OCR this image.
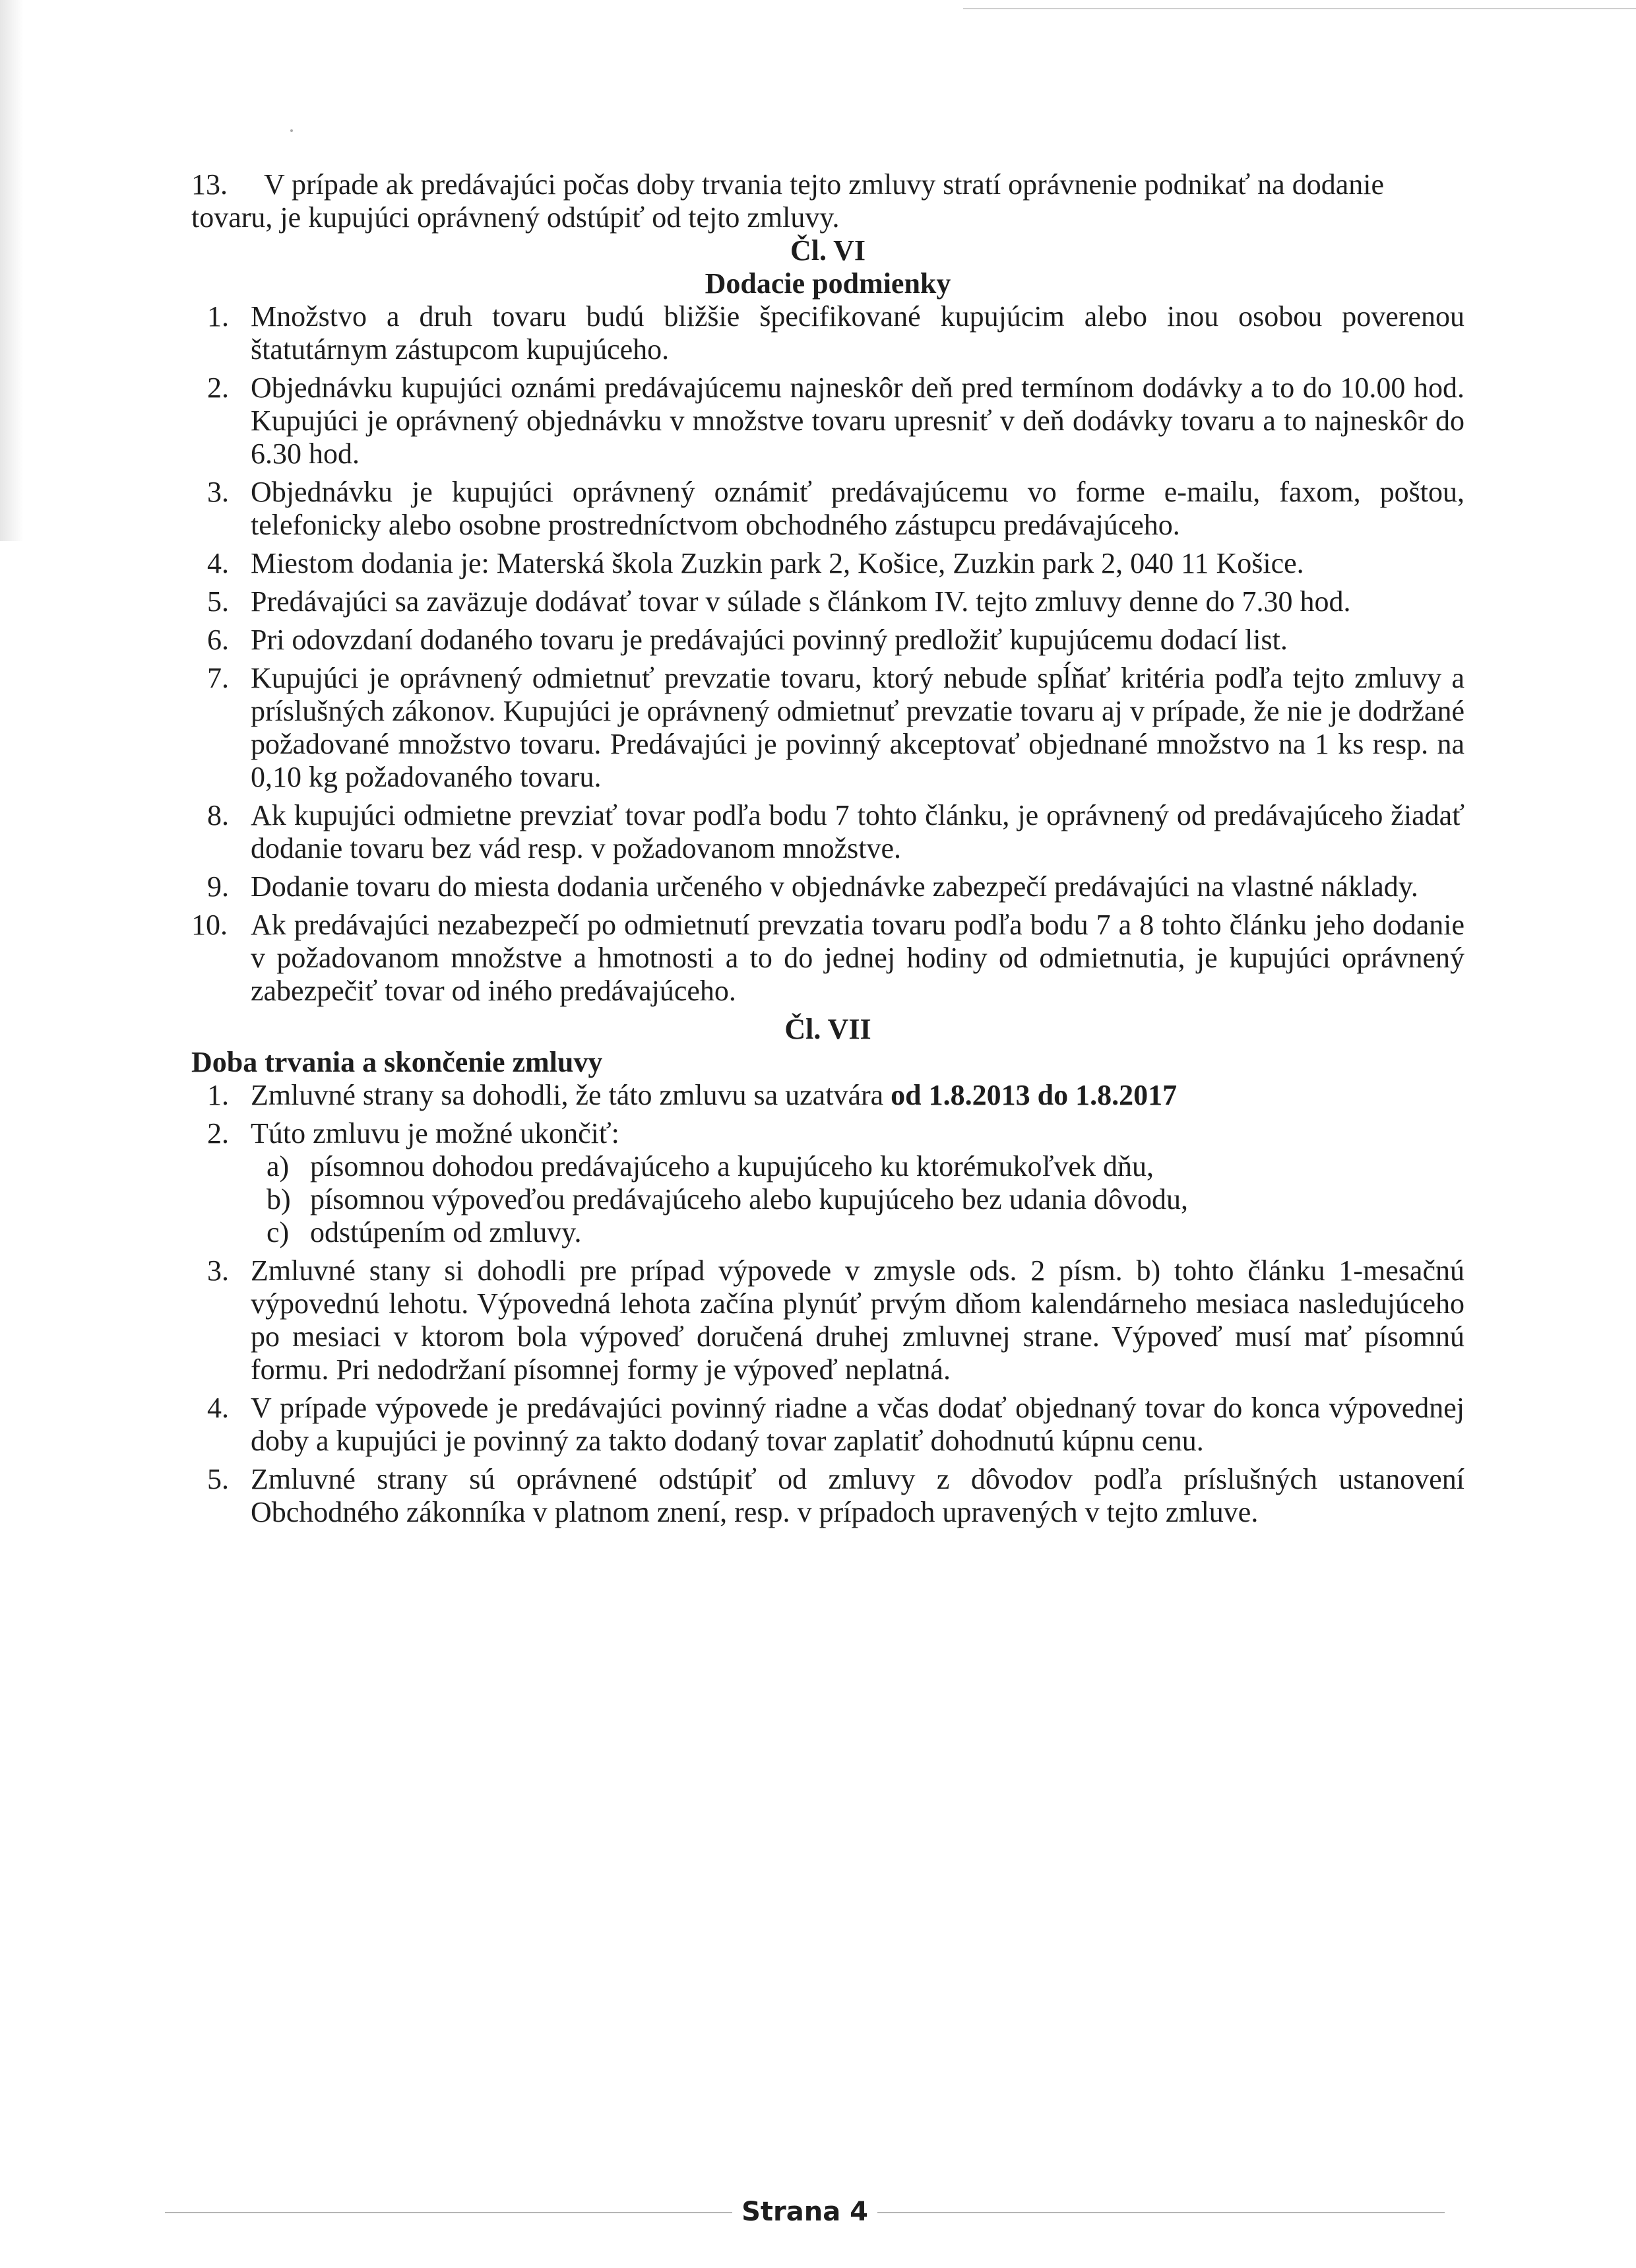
13. V prípade ak predávajúci počas doby trvania tejto zmluvy stratí oprávnenie podnikať na dodanie tovaru, je kupujúci oprávnený odstúpiť od tejto zmluvy.

Čl. VI

Dodacie podmienky

1. Množstvo a druh tovaru budú bližšie špecifikované kupujúcim alebo inou osobou poverenou štatutárnym zástupcom kupujúceho.
2. Objednávku kupujúci oznámi predávajúcemu najneskôr deň pred termínom dodávky a to do 10.00 hod. Kupujúci je oprávnený objednávku v množstve tovaru upresniť v deň dodávky tovaru a to najneskôr do 6.30 hod.
3. Objednávku je kupujúci oprávnený oznámiť predávajúcemu vo forme e-mailu, faxom, poštou, telefonicky alebo osobne prostredníctvom obchodného zástupcu predávajúceho.
4. Miestom dodania je: Materská škola Zuzkin park 2, Košice, Zuzkin park 2, 040 11 Košice.
5. Predávajúci sa zaväzuje dodávať tovar v súlade s článkom IV. tejto zmluvy denne do 7.30 hod.
6. Pri odovzdaní dodaného tovaru je predávajúci povinný predložiť kupujúcemu dodací list.
7. Kupujúci je oprávnený odmietnuť prevzatie tovaru, ktorý nebude spĺňať kritéria podľa tejto zmluvy a príslušných zákonov. Kupujúci je oprávnený odmietnuť prevzatie tovaru aj v prípade, že nie je dodržané požadované množstvo tovaru. Predávajúci je povinný akceptovať objednané množstvo na 1 ks resp. na 0,10 kg požadovaného tovaru.
8. Ak kupujúci odmietne prevziať tovar podľa bodu 7 tohto článku, je oprávnený od predávajúceho žiadať dodanie tovaru bez vád resp. v požadovanom množstve.
9. Dodanie tovaru do miesta dodania určeného v objednávke zabezpečí predávajúci na vlastné náklady.
10. Ak predávajúci nezabezpečí po odmietnutí prevzatia tovaru podľa bodu 7 a 8 tohto článku jeho dodanie v požadovanom množstve a hmotnosti a to do jednej hodiny od odmietnutia, je kupujúci oprávnený zabezpečiť tovar od iného predávajúceho.

Čl. VII

Doba trvania a skončenie zmluvy

1. Zmluvné strany sa dohodli, že táto zmluvu sa uzatvára od 1.8.2013 do 1.8.2017
2. Túto zmluvu je možné ukončiť:
a) písomnou dohodou predávajúceho a kupujúceho ku ktorémukoľvek dňu,
b) písomnou výpoveďou predávajúceho alebo kupujúceho bez udania dôvodu,
c) odstúpením od zmluvy.
3. Zmluvné stany si dohodli pre prípad výpovede v zmysle ods. 2 písm. b) tohto článku 1-mesačnú výpovednú lehotu. Výpovedná lehota začína plynúť prvým dňom kalendárneho mesiaca nasledujúceho po mesiaci v ktorom bola výpoveď doručená druhej zmluvnej strane. Výpoveď musí mať písomnú formu. Pri nedodržaní písomnej formy je výpoveď neplatná.
4. V prípade výpovede je predávajúci povinný riadne a včas dodať objednaný tovar do konca výpovednej doby a kupujúci je povinný za takto dodaný tovar zaplatiť dohodnutú kúpnu cenu.
5. Zmluvné strany sú oprávnené odstúpiť od zmluvy z dôvodov podľa príslušných ustanovení Obchodného zákonníka v platnom znení, resp. v prípadoch upravených v tejto zmluve.
Strana 4
